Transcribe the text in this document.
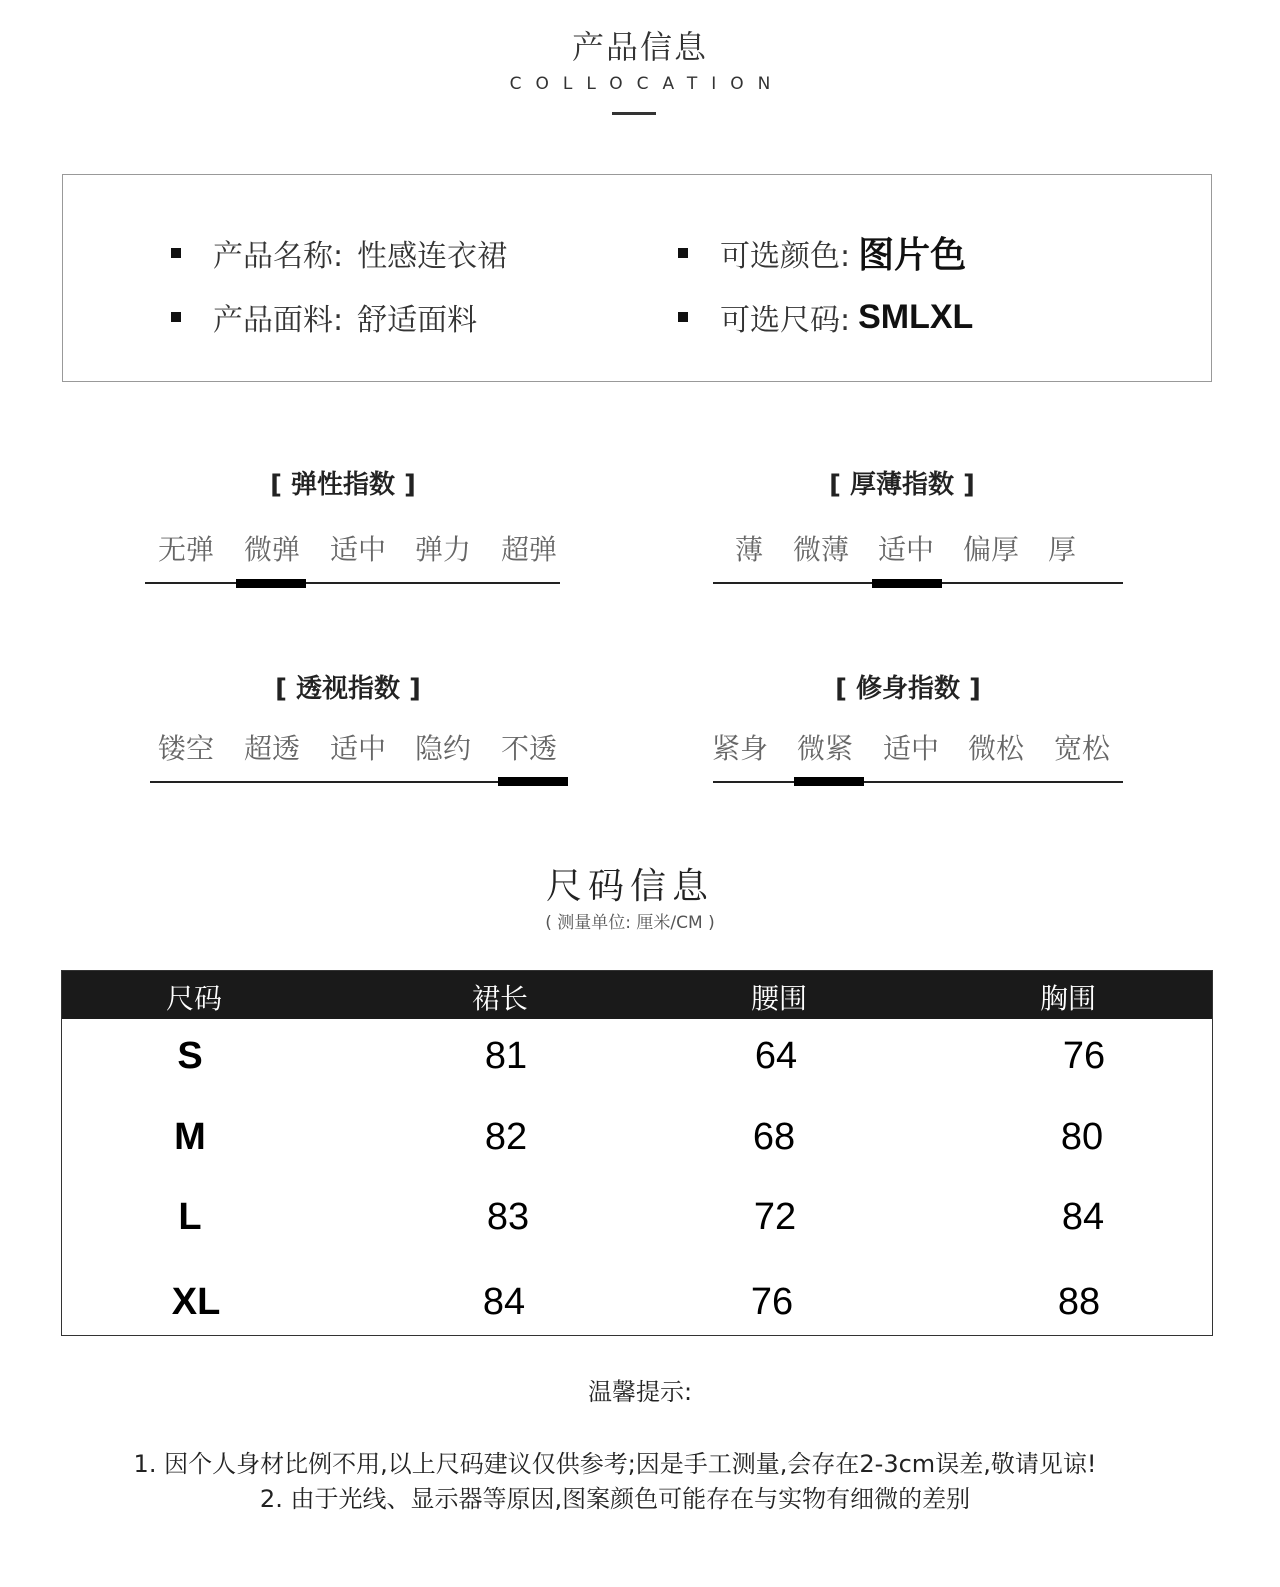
产品信息
COLLOCATION
产品名称: 性感连衣裙
产品面料: 舒适面料
可选颜色: 图片色
可选尺码: SMLXL
[ 弹性指数 ]
无弹 微弹 适中 弹力 超弹
[ 厚薄指数 ]
薄 微薄 适中 偏厚 厚
[ 透视指数 ]
镂空 超透 适中 隐约 不透
[ 修身指数 ]
紧身 微紧 适中 微松 宽松
尺码信息
( 测量单位: 厘米/CM )
尺码	裙长	腰围	胸围
S	81	64	76
M	82	68	80
L	83	72	84
XL	84	76	88
温馨提示:
1. 因个人身材比例不用,以上尺码建议仅供参考;因是手工测量,会存在2-3cm误差,敬请见谅!
2. 由于光线、显示器等原因,图案颜色可能存在与实物有细微的差别
